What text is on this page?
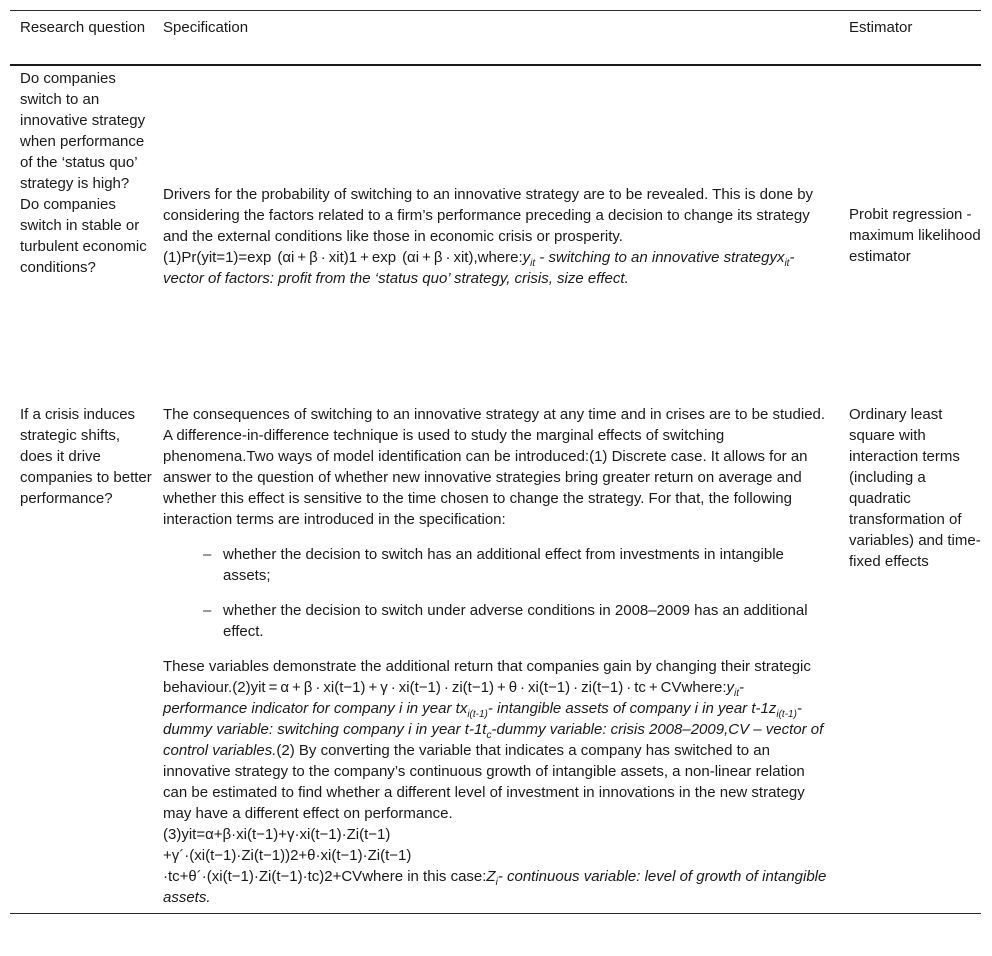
Research question	Specification	Estimator

Do companies switch to an innovative strategy when performance of the ‘status quo’ strategy is high?

Do companies switch in stable or turbulent economic conditions?

Drivers for the probability of switching to an innovative strategy are to be revealed. This is done by considering the factors related to a firm’s performance preceding a decision to change its strategy and the external conditions like those in economic crisis or prosperity.
(1)Pr(yit=1)=exp  $(\alpha i + \beta \cdot xit)1 + \exp (\alpha i + \beta \cdot xit),where:y_{it}$ - switching to an innovative strategyx$_{it}$-vector of factors: profit from the ‘status quo’ strategy, crisis, size effect.

Probit regression - maximum likelihood estimator

If a crisis induces strategic shifts, does it drive companies to better performance?

The consequences of switching to an innovative strategy at any time and in crises are to be studied. A difference-in-difference technique is used to study the marginal effects of switching phenomena.Two ways of model identification can be introduced:(1) Discrete case. It allows for an answer to the question of whether new innovative strategies bring greater return on average and whether this effect is sensitive to the time chosen to change the strategy. For that, the following interaction terms are introduced in the specification:

– whether the decision to switch has an additional effect from investments in intangible assets;
– whether the decision to switch under adverse conditions in 2008–2009 has an additional effect.

These variables demonstrate the additional return that companies gain by changing their strategic behaviour.(2)yit = α + β · xi(t−1) + γ · xi(t−1) · zi(t−1) + θ · xi(t−1) · zi(t−1) · tc + $CVwhere:y_{it}-$ performance indicator for company i in year $tx_{i(t-1)}-$ intangible assets of company i in year $t-1z_{i(t-1)}$-dummy variable: switching company i in year $t-1t_c$-dummy variable: crisis 2008–2009,CV – vector of control variables.(2) By converting the variable that indicates a company has switched to an innovative strategy to the company’s continuous growth of intangible assets, a non-linear relation can be estimated to find whether a different level of investment in innovations in the new strategy may have a different effect on performance.
(3)yit=α+β·xi(t−1)+γ·xi(t−1)·Zi(t−1)
+γ´·(xi(t−1)·Zi(t−1))2+θ·xi(t−1)·Zi(t−1)
·tc+θ´·(xi(t−1)·Zi(t−1)·tc)2+CVwhere in this $case:Z_i-$ continuous variable: level of growth of intangible assets.

Ordinary least square with interaction terms (including a quadratic transformation of variables) and time-fixed effects
